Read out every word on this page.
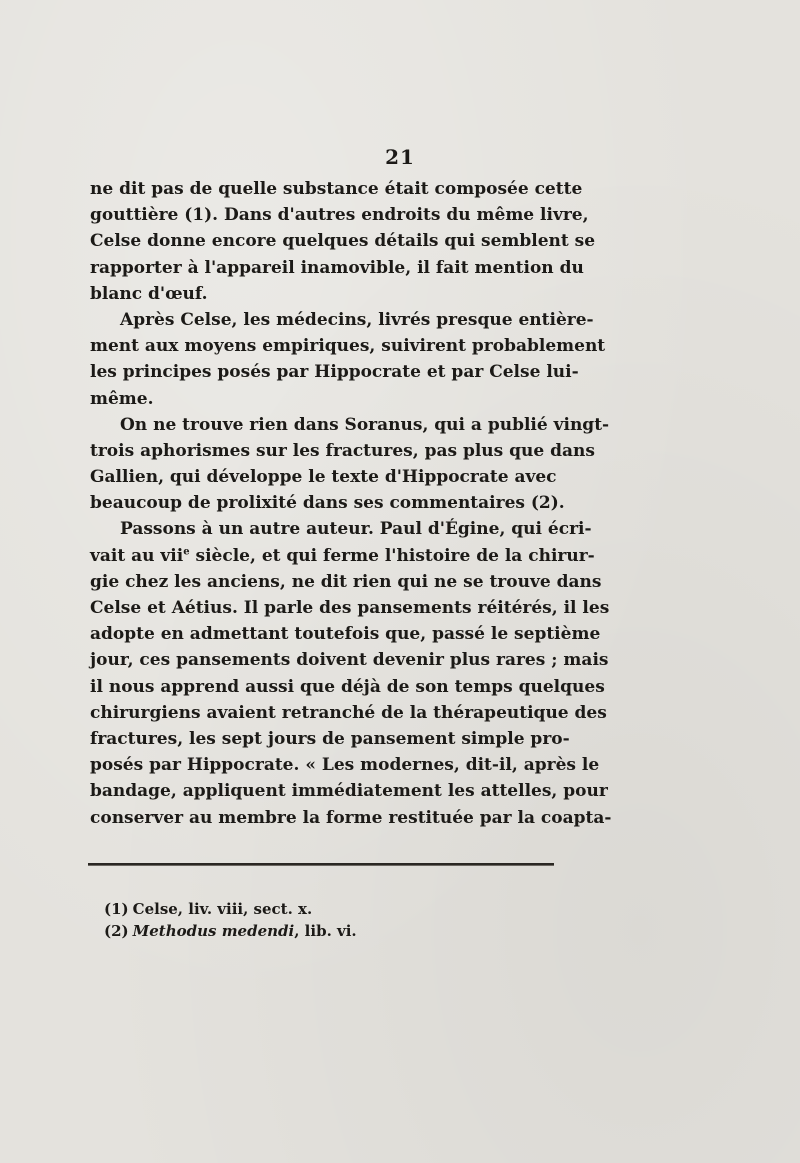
21

ne dit pas de quelle substance était composée cette
gouttière (1). Dans d'autres endroits du même livre,
Celse donne encore quelques détails qui semblent se
rapporter à l'appareil inamovible, il fait mention du
blanc d'œuf.

Après Celse, les médecins, livrés presque entière-
ment aux moyens empiriques, suivirent probablement
les principes posés par Hippocrate et par Celse lui-
même.

On ne trouve rien dans Soranus, qui a publié vingt-
trois aphorismes sur les fractures, pas plus que dans
Gallien, qui développe le texte d'Hippocrate avec
beaucoup de prolixité dans ses commentaires (2).

Passons à un autre auteur. Paul d'Égine, qui écri-
vait au vii$^e$ siècle, et qui ferme l'histoire de la chirur-
gie chez les anciens, ne dit rien qui ne se trouve dans
Celse et Aétius. Il parle des pansements réitérés, il les
adopte en admettant toutefois que, passé le septième
jour, ces pansements doivent devenir plus rares ; mais
il nous apprend aussi que déjà de son temps quelques
chirurgiens avaient retranché de la thérapeutique des
fractures, les sept jours de pansement simple pro-
posés par Hippocrate. « Les modernes, dit-il, après le
bandage, appliquent immédiatement les attelles, pour
conserver au membre la forme restituée par la coapta-

(1) Celse, liv. viii, sect. x.
(2) Methodus medendi, lib. vi.
